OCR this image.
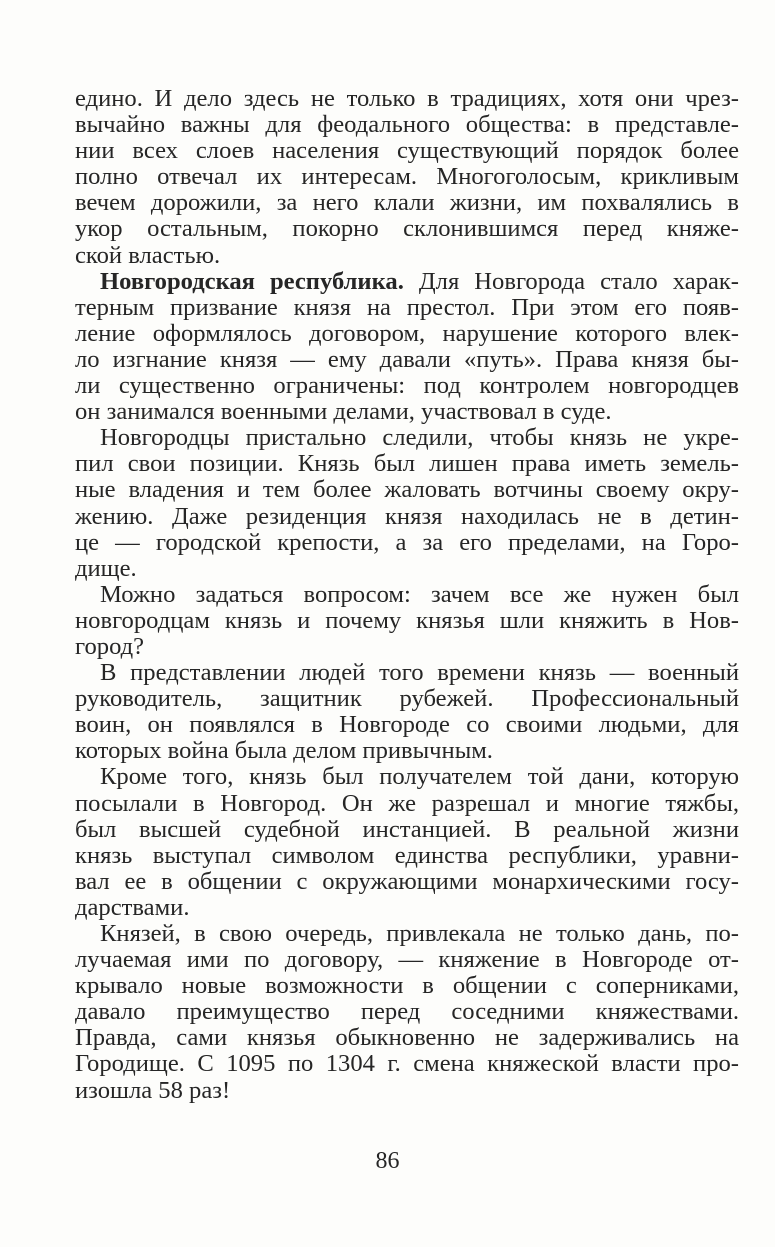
едино. И дело здесь не только в традициях, хотя они чрез-
вычайно важны для феодального общества: в представле-
нии всех слоев населения существующий порядок более
полно отвечал их интересам. Многоголосым, крикливым
вечем дорожили, за него клали жизни, им похвалялись в
укор остальным, покорно склонившимся перед княже-
ской властью.
Новгородская республика. Для Новгорода стало харак-
терным призвание князя на престол. При этом его появ-
ление оформлялось договором, нарушение которого влек-
ло изгнание князя — ему давали «путь». Права князя бы-
ли существенно ограничены: под контролем новгородцев
он занимался военными делами, участвовал в суде.
Новгородцы пристально следили, чтобы князь не укре-
пил свои позиции. Князь был лишен права иметь земель-
ные владения и тем более жаловать вотчины своему окру-
жению. Даже резиденция князя находилась не в детин-
це — городской крепости, а за его пределами, на Горо-
дище.
Можно задаться вопросом: зачем все же нужен был
новгородцам князь и почему князья шли княжить в Нов-
город?
В представлении людей того времени князь — военный
руководитель, защитник рубежей. Профессиональный
воин, он появлялся в Новгороде со своими людьми, для
которых война была делом привычным.
Кроме того, князь был получателем той дани, которую
посылали в Новгород. Он же разрешал и многие тяжбы,
был высшей судебной инстанцией. В реальной жизни
князь выступал символом единства республики, уравни-
вал ее в общении с окружающими монархическими госу-
дарствами.
Князей, в свою очередь, привлекала не только дань, по-
лучаемая ими по договору, — княжение в Новгороде от-
крывало новые возможности в общении с соперниками,
давало преимущество перед соседними княжествами.
Правда, сами князья обыкновенно не задерживались на
Городище. С 1095 по 1304 г. смена княжеской власти про-
изошла 58 раз!
86
